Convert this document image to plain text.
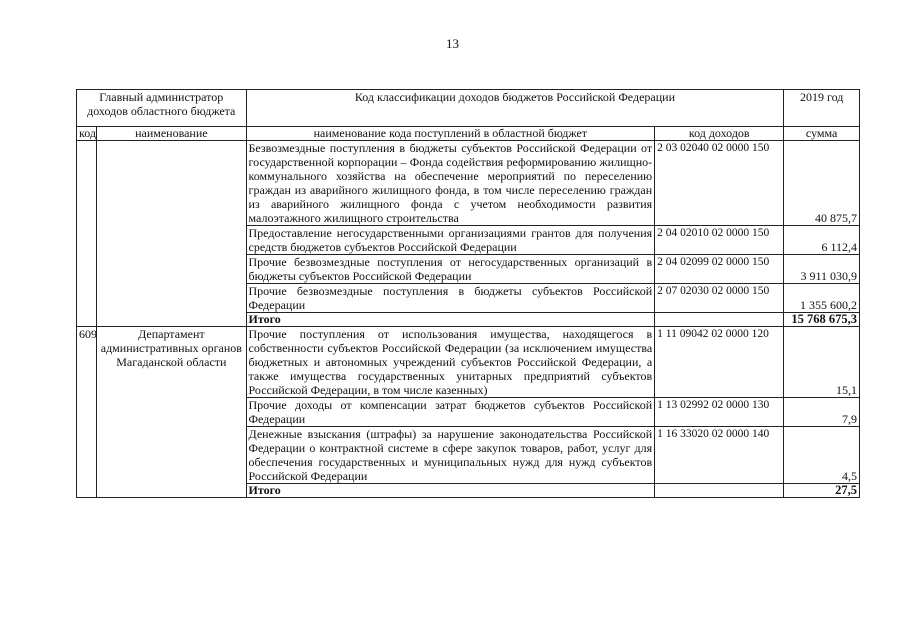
13
Главный администратор доходов областного бюджета		Код классификации доходов бюджетов Российской Федерации		2019 год
код	наименование	наименование кода поступлений в областной бюджет	код доходов	сумма
		Безвозмездные поступления в бюджеты субъектов Российской Федерации от государственной корпорации – Фонда содействия реформированию жилищно-коммунального хозяйства на обеспечение мероприятий по переселению граждан из аварийного жилищного фонда, в том числе переселению граждан из аварийного жилищного фонда с учетом необходимости развития малоэтажного жилищного строительства	2 03 02040 02 0000 150	40 875,7
		Предоставление негосударственными организациями грантов для получения средств бюджетов субъектов Российской Федерации	2 04 02010 02 0000 150	6 112,4
		Прочие безвозмездные поступления от негосударственных организаций в бюджеты субъектов Российской Федерации	2 04 02099 02 0000 150	3 911 030,9
		Прочие безвозмездные поступления в бюджеты субъектов Российской Федерации	2 07 02030 02 0000 150	1 355 600,2
		Итого		15 768 675,3
609	Департамент административных органов Магаданской области	Прочие поступления от использования имущества, находящегося в собственности субъектов Российской Федерации (за исключением имущества бюджетных и автономных учреждений субъектов Российской Федерации, а также имущества государственных унитарных предприятий субъектов Российской Федерации, в том числе казенных)	1 11 09042 02 0000 120	15,1
		Прочие доходы от компенсации затрат бюджетов субъектов Российской Федерации	1 13 02992 02 0000 130	7,9
		Денежные взыскания (штрафы) за нарушение законодательства Российской Федерации о контрактной системе в сфере закупок товаров, работ, услуг для обеспечения государственных и муниципальных нужд для нужд субъектов Российской Федерации	1 16 33020 02 0000 140	4,5
		Итого		27,5
